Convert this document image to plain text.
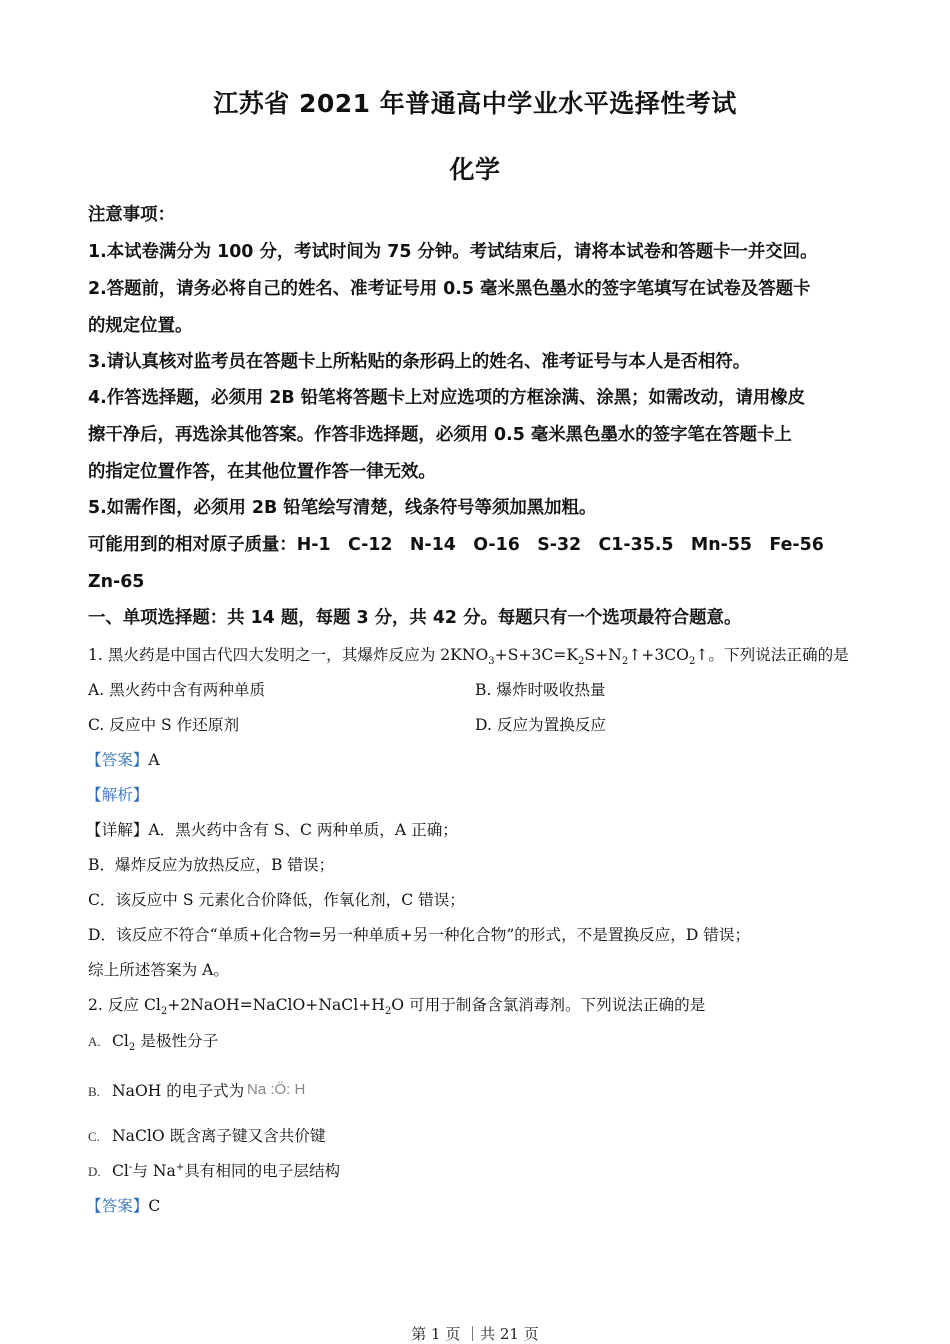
江苏省 2021 年普通高中学业水平选择性考试
化学
注意事项：
1.本试卷满分为 100 分，考试时间为 75 分钟。考试结束后，请将本试卷和答题卡一并交回。
2.答题前，请务必将自己的姓名、准考证号用 0.5 毫米黑色墨水的签字笔填写在试卷及答题卡
的规定位置。
3.请认真核对监考员在答题卡上所粘贴的条形码上的姓名、准考证号与本人是否相符。
4.作答选择题，必须用 2B 铅笔将答题卡上对应选项的方框涂满、涂黑；如需改动，请用橡皮
擦干净后，再选涂其他答案。作答非选择题，必须用 0.5 毫米黑色墨水的签字笔在答题卡上
的指定位置作答，在其他位置作答一律无效。
5.如需作图，必须用 2B 铅笔绘写清楚，线条符号等须加黑加粗。
可能用到的相对原子质量：H-1　C-12　N-14　O-16　S-32　C1-35.5　Mn-55　Fe-56
Zn-65
一、单项选择题：共 14 题，每题 3 分，共 42 分。每题只有一个选项最符合题意。
1. 黑火药是中国古代四大发明之一，其爆炸反应为 $2KNO_3+S+3C=K_2S+N_2↑+3CO_2↑$。下列说法正确的是
A. 黑火药中含有两种单质	B. 爆炸时吸收热量
C. 反应中 S 作还原剂	D. 反应为置换反应
【答案】A
【解析】
【详解】A．黑火药中含有 S、C 两种单质，A 正确；
B．爆炸反应为放热反应，B 错误；
C．该反应中 S 元素化合价降低，作氧化剂，C 错误；
D．该反应不符合“单质+化合物=另一种单质+另一种化合物”的形式，不是置换反应，D 错误；
综上所述答案为 A。
2. 反应 $Cl_2+2NaOH=NaClO+NaCl+H_2O$ 可用于制备含氯消毒剂。下列说法正确的是
A. $Cl_2$ 是极性分子
B. NaOH 的电子式为 Na :Ö: H
C. NaClO 既含离子键又含共价键
D. Cl-与 Na+具有相同的电子层结构
【答案】C
第 1 页 ｜共 21 页
